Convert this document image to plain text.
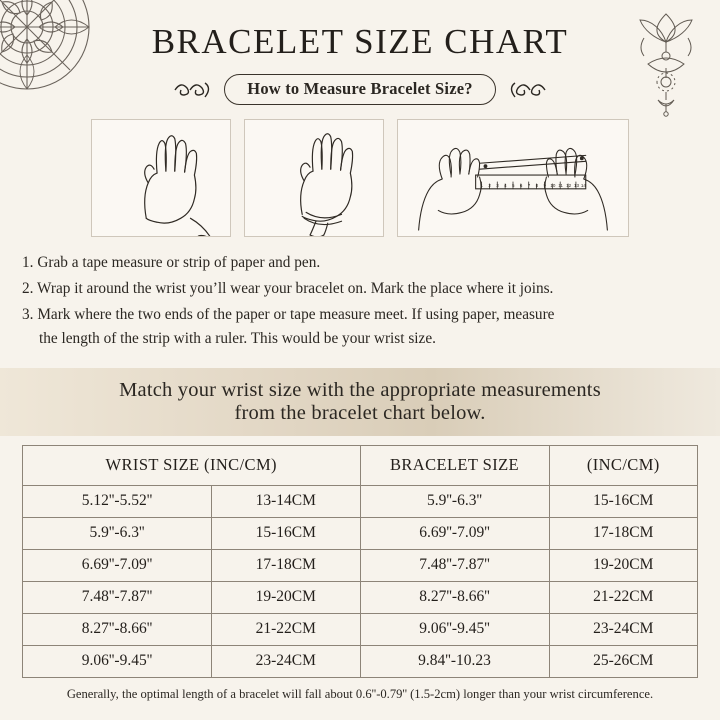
BRACELET SIZE CHART
How to Measure Bracelet Size?
1 2 3 4 5 6 7 8 9 10 11 12 13 14
1. Grab a tape measure or strip of paper and pen.
2. Wrap it around the wrist you’ll wear your bracelet on. Mark the place where it joins.
3. Mark where the two ends of the paper or tape measure meet. If using paper, measure
the length of the strip with a ruler. This would be your wrist size.
Match your wrist size with the appropriate measurements
from the bracelet chart below.
WRIST SIZE (INC/CM)		BRACELET SIZE	(INC/CM)
5.12''-5.52''	13-14CM	5.9''-6.3''	15-16CM
5.9''-6.3''	15-16CM	6.69''-7.09''	17-18CM
6.69''-7.09''	17-18CM	7.48''-7.87''	19-20CM
7.48''-7.87''	19-20CM	8.27''-8.66''	21-22CM
8.27''-8.66''	21-22CM	9.06''-9.45''	23-24CM
9.06''-9.45''	23-24CM	9.84''-10.23	25-26CM
Generally, the optimal length of a bracelet will fall about 0.6''-0.79'' (1.5-2cm) longer than your wrist circumference.
